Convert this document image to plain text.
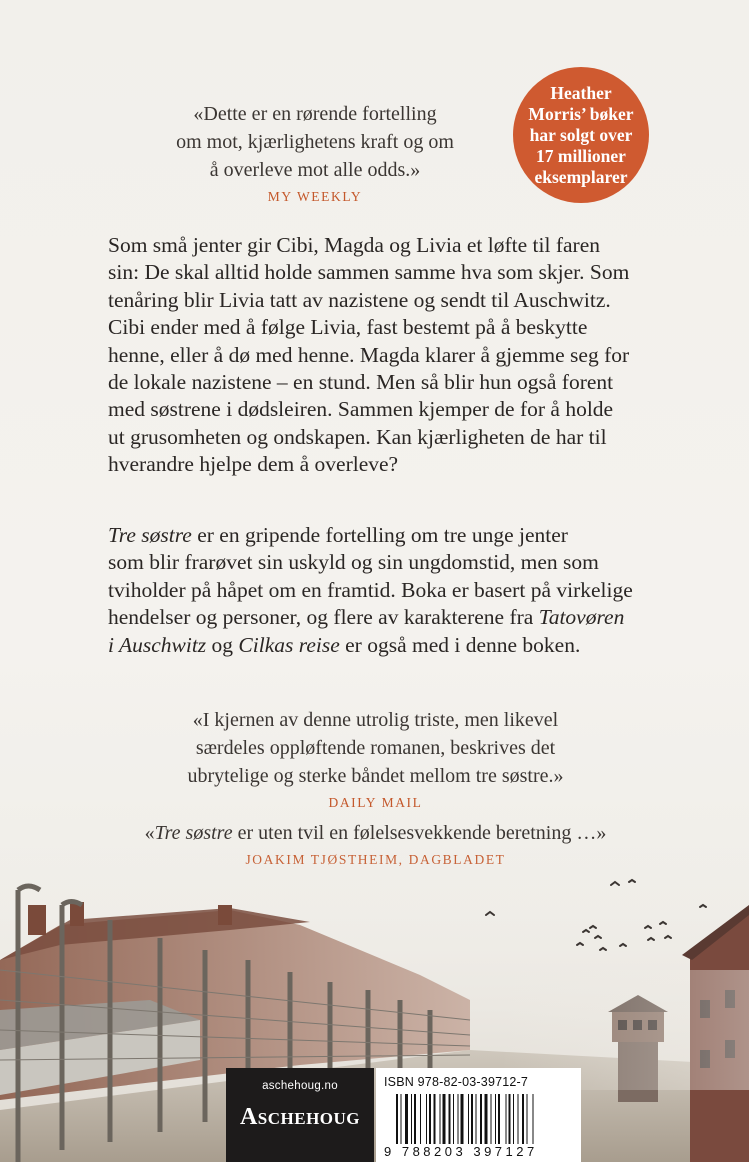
Heather
Morris’ bøker
har solgt over
17 millioner
eksemplarer
«Dette er en rørende fortelling
om mot, kjærlighetens kraft og om
å overleve mot alle odds.»
MY WEEKLY
Som små jenter gir Cibi, Magda og Livia et løfte til faren
sin: De skal alltid holde sammen samme hva som skjer. Som
tenåring blir Livia tatt av nazistene og sendt til Auschwitz.
Cibi ender med å følge Livia, fast bestemt på å beskytte
henne, eller å dø med henne. Magda klarer å gjemme seg for
de lokale nazistene – en stund. Men så blir hun også forent
med søstrene i dødsleiren. Sammen kjemper de for å holde
ut grusomheten og ondskapen. Kan kjærligheten de har til
hverandre hjelpe dem å overleve?
Tre søstre er en gripende fortelling om tre unge jenter
som blir frarøvet sin uskyld og sin ungdomstid, men som
tviholder på håpet om en framtid. Boka er basert på virkelige
hendelser og personer, og flere av karakterene fra Tatovøren
i Auschwitz og Cilkas reise er også med i denne boken.
«I kjernen av denne utrolig triste, men likevel
særdeles oppløftende romanen, beskrives det
ubrytelige og sterke båndet mellom tre søstre.»
DAILY MAIL
«Tre søstre er uten tvil en følelsesvekkende beretning …»
aschehoug.no
Aschehoug
ISBN 978-82-03-39712-7
9 788203 397127
